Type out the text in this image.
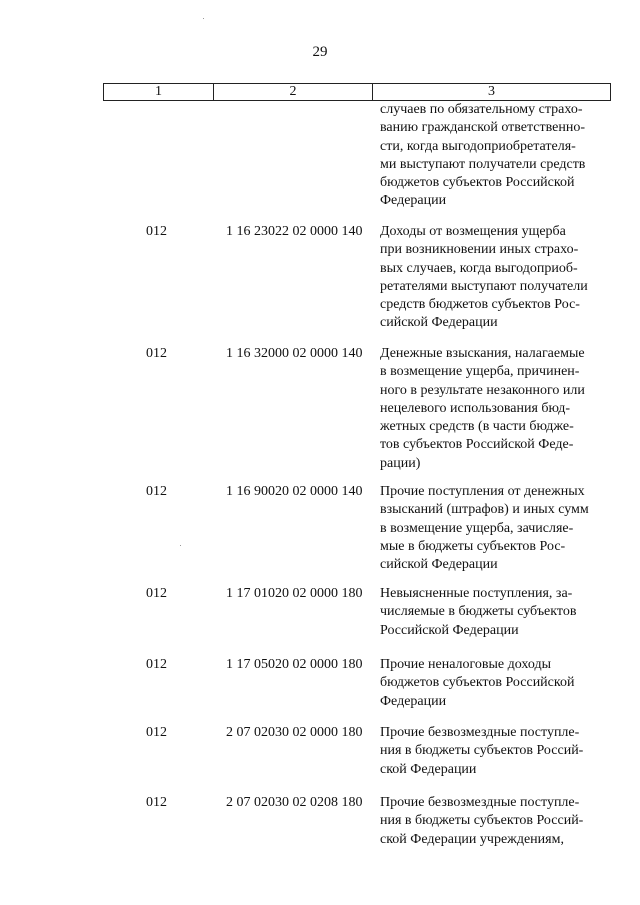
29
1	2	3
случаев по обязательному страхо-
ванию гражданской ответственно-
сти, когда выгодоприобретателя-
ми выступают получатели средств
бюджетов субъектов Российской
Федерации
012	1 16 23022 02 0000 140	Доходы от возмещения ущерба
при возникновении иных страхо-
вых случаев, когда выгодоприоб-
ретателями выступают получатели
средств бюджетов субъектов Рос-
сийской Федерации
012	1 16 32000 02 0000 140	Денежные взыскания, налагаемые
в возмещение ущерба, причинен-
ного в результате незаконного или
нецелевого использования бюд-
жетных средств (в части бюдже-
тов субъектов Российской Феде-
рации)
012	1 16 90020 02 0000 140	Прочие поступления от денежных
взысканий (штрафов) и иных сумм
в возмещение ущерба, зачисляе-
мые в бюджеты субъектов Рос-
сийской Федерации
012	1 17 01020 02 0000 180	Невыясненные поступления, за-
числяемые в бюджеты субъектов
Российской Федерации
012	1 17 05020 02 0000 180	Прочие неналоговые доходы
бюджетов субъектов Российской
Федерации
012	2 07 02030 02 0000 180	Прочие безвозмездные поступле-
ния в бюджеты субъектов Россий-
ской Федерации
012	2 07 02030 02 0208 180	Прочие безвозмездные поступле-
ния в бюджеты субъектов Россий-
ской Федерации учреждениям,
